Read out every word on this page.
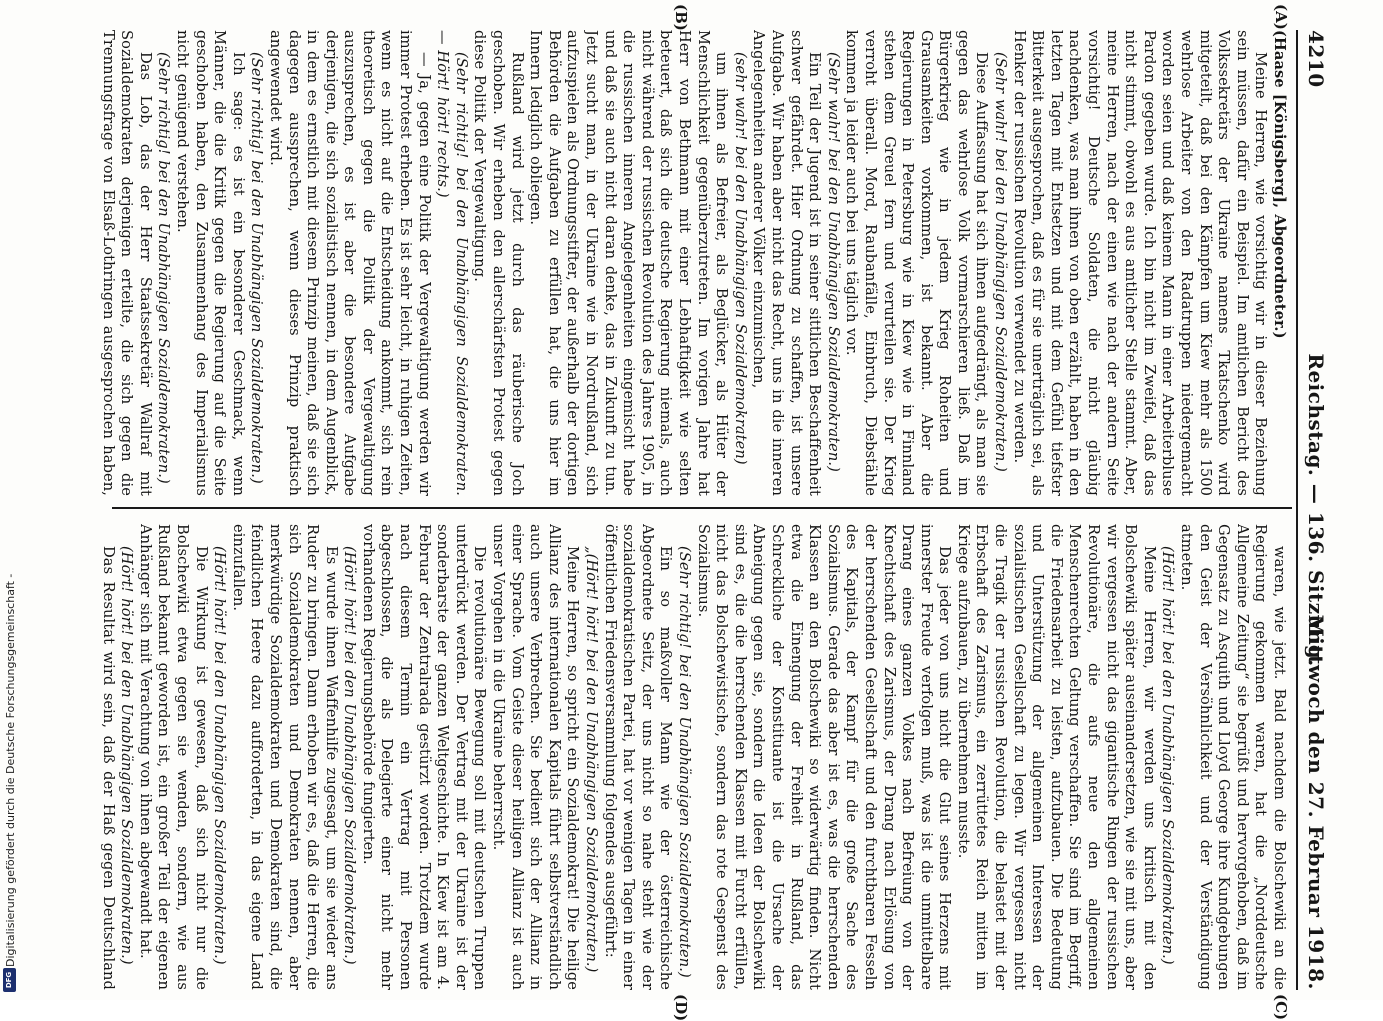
Digitalisierung gefördert durch die Deutsche Forschungsgemeinschaft -
DFG
4210
Reichstag. — 136. Sitzung.
Mittwoch den 27. Februar 1918.
(A)
(B)
(C)
(D)

(Haase [Königsberg], Abgeordneter.)

Meine Herren, wie vorsichtig wir in dieser Beziehung sein müssen, dafür ein Beispiel. Im amtlichen Bericht des Volkssekretärs der Ukraine namens Tkatschenko wird mitgeteilt, daß bei den Kämpfen um Kiew mehr als 1500 wehrlose Arbeiter von den Radatruppen niedergemacht worden seien und daß keinem Mann in einer Arbeiterbluse Pardon gegeben wurde. Ich bin nicht im Zweifel, daß das nicht stimmt, obwohl es aus amtlicher Stelle stammt. Aber, meine Herren, nach der einen wie nach der andern Seite vorsichtig! Deutsche Soldaten, die nicht gläubig nachdenken, was man ihnen von oben erzählt, haben in den letzten Tagen mit Entsetzen und mit dem Gefühl tiefster Bitterkeit ausgesprochen, daß es für sie unerträglich sei, als Henker der russischen Revolution verwendet zu werden.

(Sehr wahr! bei den Unabhängigen Sozialdemokraten.)

Diese Auffassung hat sich ihnen aufgedrängt, als man sie gegen das wehrlose Volk vormarschieren ließ. Daß im Bürgerkrieg wie in jedem Krieg Roheiten und Grausamkeiten vorkommen, ist bekannt. Aber die Regierungen in Petersburg wie in Kiew wie in Finnland stehen dem Greuel fern und verurteilen sie. Der Krieg verroht überall. Mord, Raubanfälle, Einbruch, Diebstähle kommen ja leider auch bei uns täglich vor.

(Sehr wahr! bei den Unabhängigen Sozialdemokraten.)

Ein Teil der Jugend ist in seiner sittlichen Beschaffenheit schwer gefährdet. Hier Ordnung zu schaffen, ist unsere Aufgabe. Wir haben aber nicht das Recht, uns in die inneren Angelegenheiten anderer Völker einzumischen,

(sehr wahr! bei den Unabhängigen Sozialdemokraten)

um ihnen als Befreier, als Beglücker, als Hüter der Menschlichkeit gegenüberzutreten. Im vorigen Jahre hat Herr von Bethmann mit einer Lebhaftigkeit wie selten beteuert, daß sich die deutsche Regierung niemals, auch nicht während der russischen Revolution des Jahres 1905, in die russischen inneren Angelegenheiten eingemischt habe und daß sie auch nicht daran denke, das in Zukunft zu tun. Jetzt sucht man, in der Ukraine wie in Nordrußland, sich aufzuspielen als Ordnungsstifter, der außerhalb der dortigen Behörden die Aufgaben zu erfüllen hat, die uns hier im Innern lediglich obliegen.

Rußland wird jetzt durch das räuberische Joch geschoben. Wir erheben den allerschärfsten Protest gegen diese Politik der Vergewaltigung.

(Sehr richtig! bei den Unabhängigen Sozialdemokraten. — Hört! hört! rechts.)

— Ja, gegen eine Politik der Vergewaltigung werden wir immer Protest erheben. Es ist sehr leicht, in ruhigen Zeiten, wenn es nicht auf die Entscheidung ankommt, sich rein theoretisch gegen die Politik der Vergewaltigung auszusprechen, es ist aber die besondere Aufgabe derjenigen, die sich sozialistisch nennen, in dem Augenblick, in dem es ernstlich mit diesem Prinzip meinen, daß sie sich dagegen aussprechen, wenn dieses Prinzip praktisch angewendet wird.

(Sehr richtig! bei den Unabhängigen Sozialdemokraten.)

Ich sage: es ist ein besonderer Geschmack, wenn Männer, die die Kritik gegen die Regierung auf die Seite geschoben haben, den Zusammenhang des Imperialismus nicht genügend verstehen.

(Sehr richtig! bei den Unabhängigen Sozialdemokraten.)

Das Lob, das der Herr Staatssekretär Wallraf mit Sozialdemokraten derjenigen erteilte, die sich gegen die Trennungsfrage von Elsaß-Lothringen ausgesprochen haben,

waren, wie jetzt. Bald nachdem die Bolschewiki an die Regierung gekommen waren, hat die „Norddeutsche Allgemeine Zeitung“ sie begrüßt und hervorgehoben, daß im Gegensatz zu Asquith und Lloyd George ihre Kundgebungen den Geist der Versöhnlichkeit und der Verständigung atmeten.

(Hört! hört! bei den Unabhängigen Sozialdemokraten.)

Meine Herren, wir werden uns kritisch mit den Bolschewiki später auseinandersetzen, wie sie mit uns, aber wir vergessen nicht das gigantische Ringen der russischen Revolutionäre, die aufs neue den allgemeinen Menschenrechten Geltung verschaffen. Sie sind im Begriff, die Friedensarbeit zu leisten, aufzubauen. Die Bedeutung und Unterstützung der allgemeinen Interessen der sozialistischen Gesellschaft zu legen. Wir vergessen nicht die Tragik der russischen Revolution, die belastet mit der Erbschaft des Zarismus, ein zerrüttetes Reich mitten im Kriege aufzubauen, zu übernehmen musste.

Das jeder von uns nicht die Glut seines Herzens mit innerster Freude verfolgen muß, was ist die unmittelbare Drang eines ganzen Volkes nach Befreiung von der Knechtschaft des Zarismus, der Drang nach Erlösung von der herrschenden Gesellschaft und den furchtbaren Fesseln des Kapitals, der Kampf für die große Sache des Sozialismus. Gerade das aber ist es, was die herrschenden Klassen an den Bolschewiki so widerwärtig finden. Nicht etwa die Einengung der Freiheit in Rußland, das Schreckliche der Konstituante ist die Ursache der Abneigung gegen sie, sondern die Ideen der Bolschewiki sind es, die die herrschenden Klassen mit Furcht erfüllen, nicht das Bolschewistische, sondern das rote Gespenst des Sozialismus.

(Sehr richtig! bei den Unabhängigen Sozialdemokraten.)

Ein so maßvoller Mann wie der österreichische Abgeordnete Seitz, der uns nicht so nahe steht wie der sozialdemokratischen Partei, hat vor wenigen Tagen in einer öffentlichen Friedensversammlung folgendes ausgeführt:

„(Hört! hört! bei den Unabhängigen Sozialdemokraten.)

Meine Herren, so spricht ein Sozialdemokrat! Die heilige Allianz des internationalen Kapitals führt selbstverständlich auch unsere Verbrechen. Sie bedient sich der Allianz in einer Sprache. Vom Geiste dieser heiligen Allianz ist auch unser Vorgehen in die Ukraine beherrscht.

Die revolutionäre Bewegung soll mit deutschen Truppen unterdrückt werden. Der Vertrag mit der Ukraine ist der sonderbarste der ganzen Weltgeschichte. In Kiew ist am 4. Februar der Zentralrada gestürzt worden. Trotzdem wurde nach diesem Termin ein Vertrag mit Personen abgeschlossen, die als Delegierte einer nicht mehr vorhandenen Regierungsbehörde fungierten.

(Hört! hört! bei den Unabhängigen Sozialdemokraten.)

Es wurde ihnen Waffenhilfe zugesagt, um sie wieder ans Ruder zu bringen. Dann erhoben wir es, daß die Herren, die sich Sozialdemokraten und Demokraten nennen, aber merkwürdige Sozialdemokraten und Demokraten sind, die feindlichen Heere dazu aufforderten, in das eigene Land einzufallen.

(Hört! hört! bei den Unabhängigen Sozialdemokraten.)

Die Wirkung ist gewesen, daß sich nicht nur die Bolschewiki etwa gegen sie wenden, sondern, wie aus Rußland bekannt geworden ist, ein großer Teil der eigenen Anhänger sich mit Verachtung von ihnen abgewandt hat.

(Hört! hört! bei den Unabhängigen Sozialdemokraten.)

Das Resultat wird sein, daß der Haß gegen Deutschland
